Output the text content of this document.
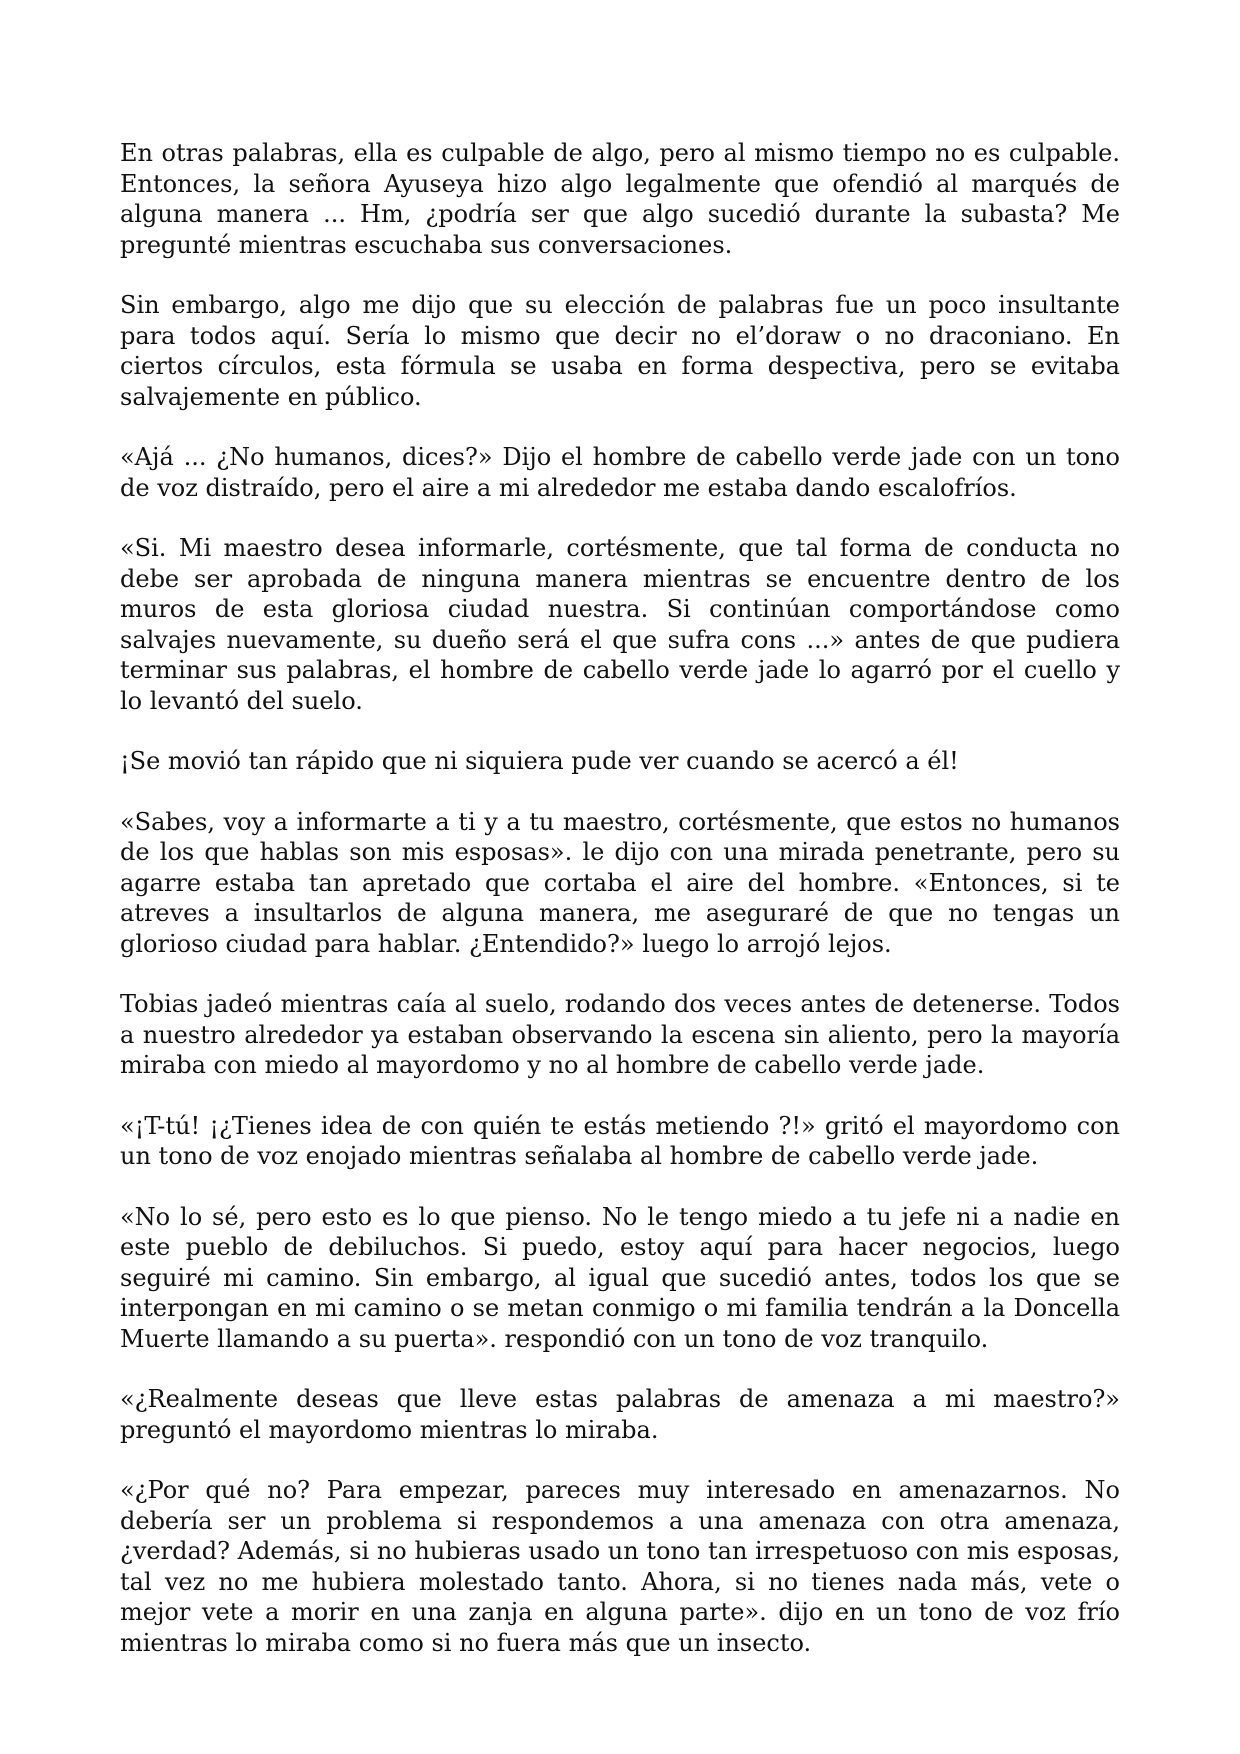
En otras palabras, ella es culpable de algo, pero al mismo tiempo no es culpable. Entonces, la señora Ayuseya hizo algo legalmente que ofendió al marqués de alguna manera ... Hm, ¿podría ser que algo sucedió durante la subasta? Me pregunté mientras escuchaba sus conversaciones.

Sin embargo, algo me dijo que su elección de palabras fue un poco insultante para todos aquí. Sería lo mismo que decir no el’doraw o no draconiano. En ciertos círculos, esta fórmula se usaba en forma despectiva, pero se evitaba salvajemente en público.

«Ajá ... ¿No humanos, dices?» Dijo el hombre de cabello verde jade con un tono de voz distraído, pero el aire a mi alrededor me estaba dando escalofríos.

«Si. Mi maestro desea informarle, cortésmente, que tal forma de conducta no debe ser aprobada de ninguna manera mientras se encuentre dentro de los muros de esta gloriosa ciudad nuestra. Si continúan comportándose como salvajes nuevamente, su dueño será el que sufra cons ...» antes de que pudiera terminar sus palabras, el hombre de cabello verde jade lo agarró por el cuello y lo levantó del suelo.

¡Se movió tan rápido que ni siquiera pude ver cuando se acercó a él!

«Sabes, voy a informarte a ti y a tu maestro, cortésmente, que estos no humanos de los que hablas son mis esposas». le dijo con una mirada penetrante, pero su agarre estaba tan apretado que cortaba el aire del hombre. «Entonces, si te atreves a insultarlos de alguna manera, me aseguraré de que no tengas un glorioso ciudad para hablar. ¿Entendido?» luego lo arrojó lejos.

Tobias jadeó mientras caía al suelo, rodando dos veces antes de detenerse. Todos a nuestro alrededor ya estaban observando la escena sin aliento, pero la mayoría miraba con miedo al mayordomo y no al hombre de cabello verde jade.

«¡T-tú! ¡¿Tienes idea de con quién te estás metiendo ?!» gritó el mayordomo con un tono de voz enojado mientras señalaba al hombre de cabello verde jade.

«No lo sé, pero esto es lo que pienso. No le tengo miedo a tu jefe ni a nadie en este pueblo de debiluchos. Si puedo, estoy aquí para hacer negocios, luego seguiré mi camino. Sin embargo, al igual que sucedió antes, todos los que se interpongan en mi camino o se metan conmigo o mi familia tendrán a la Doncella Muerte llamando a su puerta». respondió con un tono de voz tranquilo.

«¿Realmente deseas que lleve estas palabras de amenaza a mi maestro?» preguntó el mayordomo mientras lo miraba.

«¿Por qué no? Para empezar, pareces muy interesado en amenazarnos. No debería ser un problema si respondemos a una amenaza con otra amenaza, ¿verdad? Además, si no hubieras usado un tono tan irrespetuoso con mis esposas, tal vez no me hubiera molestado tanto. Ahora, si no tienes nada más, vete o mejor vete a morir en una zanja en alguna parte». dijo en un tono de voz frío mientras lo miraba como si no fuera más que un insecto.
